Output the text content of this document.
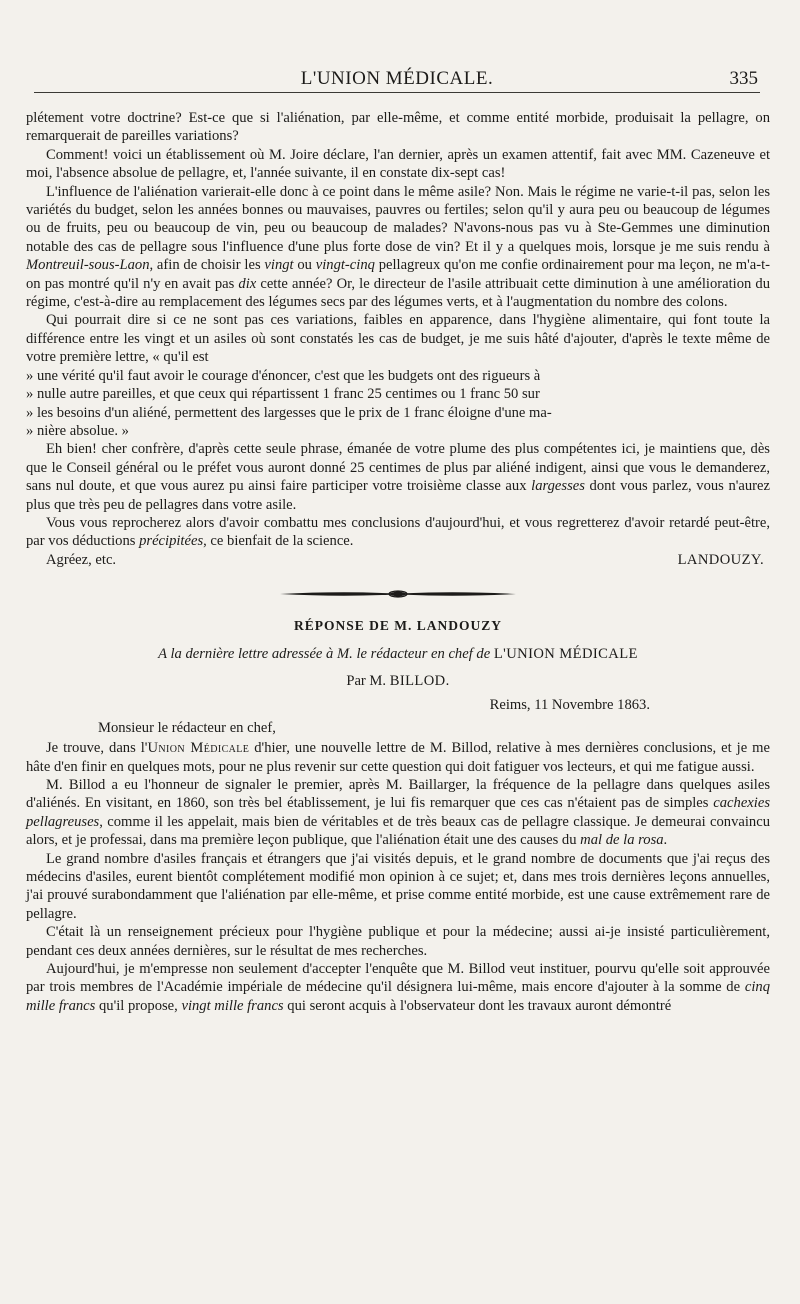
L'UNION MÉDICALE.	335

plétement votre doctrine? Est-ce que si l'aliénation, par elle-même, et comme entité morbide, produisait la pellagre, on remarquerait de pareilles variations?

Comment! voici un établissement où M. Joire déclare, l'an dernier, après un examen attentif, fait avec MM. Cazeneuve et moi, l'absence absolue de pellagre, et, l'année suivante, il en constate dix-sept cas!

L'influence de l'aliénation varierait-elle donc à ce point dans le même asile? Non. Mais le régime ne varie-t-il pas, selon les variétés du budget, selon les années bonnes ou mauvaises, pauvres ou fertiles; selon qu'il y aura peu ou beaucoup de légumes ou de fruits, peu ou beaucoup de vin, peu ou beaucoup de malades? N'avons-nous pas vu à Ste-Gemmes une diminution notable des cas de pellagre sous l'influence d'une plus forte dose de vin? Et il y a quelques mois, lorsque je me suis rendu à Montreuil-sous-Laon, afin de choisir les vingt ou vingt-cinq pellagreux qu'on me confie ordinairement pour ma leçon, ne m'a-t-on pas montré qu'il n'y en avait pas dix cette année? Or, le directeur de l'asile attribuait cette diminution à une amélioration du régime, c'est-à-dire au remplacement des légumes secs par des légumes verts, et à l'augmentation du nombre des colons.

Qui pourrait dire si ce ne sont pas ces variations, faibles en apparence, dans l'hygiène alimentaire, qui font toute la différence entre les vingt et un asiles où sont constatés les cas de budget, je me suis hâté d'ajouter, d'après le texte même de votre première lettre, « qu'il est

» une vérité qu'il faut avoir le courage d'énoncer, c'est que les budgets ont des rigueurs à

» nulle autre pareilles, et que ceux qui répartissent 1 franc 25 centimes ou 1 franc 50 sur

» les besoins d'un aliéné, permettent des largesses que le prix de 1 franc éloigne d'une ma-

» nière absolue. »

Eh bien! cher confrère, d'après cette seule phrase, émanée de votre plume des plus compétentes ici, je maintiens que, dès que le Conseil général ou le préfet vous auront donné 25 centimes de plus par aliéné indigent, ainsi que vous le demanderez, sans nul doute, et que vous aurez pu ainsi faire participer votre troisième classe aux largesses dont vous parlez, vous n'aurez plus que très peu de pellagres dans votre asile.

Vous vous reprocherez alors d'avoir combattu mes conclusions d'aujourd'hui, et vous regretterez d'avoir retardé peut-être, par vos déductions précipitées, ce bienfait de la science.

Agréez, etc.	LANDOUZY.
RÉPONSE DE M. LANDOUZY
A la dernière lettre adressée à M. le rédacteur en chef de L'UNION MÉDICALE
Par M. BILLOD.
Reims, 11 Novembre 1863.
Monsieur le rédacteur en chef,

Je trouve, dans l'Union Médicale d'hier, une nouvelle lettre de M. Billod, relative à mes dernières conclusions, et je me hâte d'en finir en quelques mots, pour ne plus revenir sur cette question qui doit fatiguer vos lecteurs, et qui me fatigue aussi.

M. Billod a eu l'honneur de signaler le premier, après M. Baillarger, la fréquence de la pellagre dans quelques asiles d'aliénés. En visitant, en 1860, son très bel établissement, je lui fis remarquer que ces cas n'étaient pas de simples cachexies pellagreuses, comme il les appelait, mais bien de véritables et de très beaux cas de pellagre classique. Je demeurai convaincu alors, et je professai, dans ma première leçon publique, que l'aliénation était une des causes du mal de la rosa.

Le grand nombre d'asiles français et étrangers que j'ai visités depuis, et le grand nombre de documents que j'ai reçus des médecins d'asiles, eurent bientôt complétement modifié mon opinion à ce sujet; et, dans mes trois dernières leçons annuelles, j'ai prouvé surabondamment que l'aliénation par elle-même, et prise comme entité morbide, est une cause extrêmement rare de pellagre.

C'était là un renseignement précieux pour l'hygiène publique et pour la médecine; aussi ai-je insisté particulièrement, pendant ces deux années dernières, sur le résultat de mes recherches.

Aujourd'hui, je m'empresse non seulement d'accepter l'enquête que M. Billod veut instituer, pourvu qu'elle soit approuvée par trois membres de l'Académie impériale de médecine qu'il désignera lui-même, mais encore d'ajouter à la somme de cinq mille francs qu'il propose, vingt mille francs qui seront acquis à l'observateur dont les travaux auront démontré
